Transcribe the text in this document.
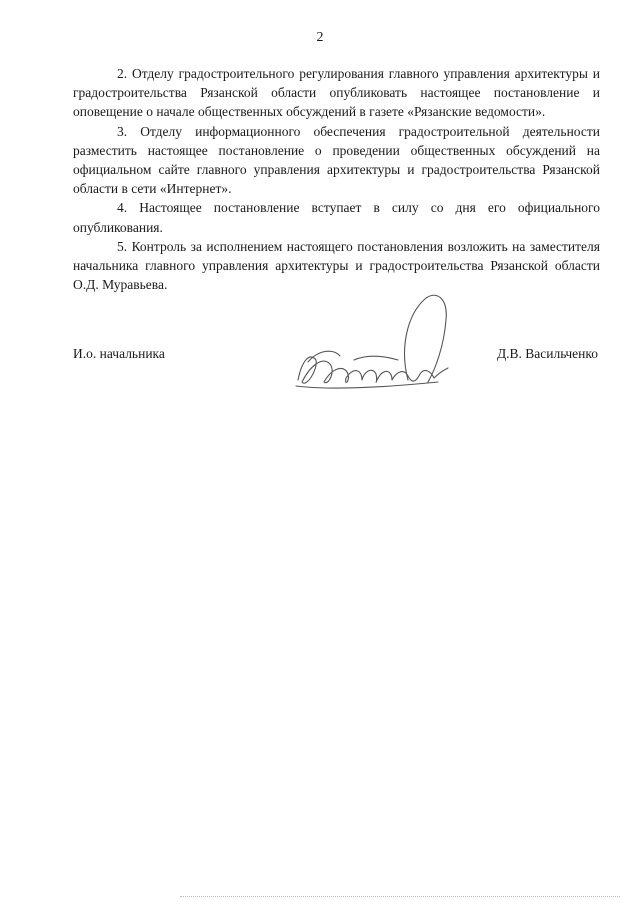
2

2. Отделу градостроительного регулирования главного управления архитектуры и градостроительства Рязанской области опубликовать настоящее постановление и оповещение о начале общественных обсуждений в газете «Рязанские ведомости».

3. Отделу информационного обеспечения градостроительной деятельности разместить настоящее постановление о проведении общественных обсуждений на официальном сайте главного управления архитектуры и градостроительства Рязанской области в сети «Интернет».

4. Настоящее постановление вступает в силу со дня его официального опубликования.

5. Контроль за исполнением настоящего постановления возложить на заместителя начальника главного управления архитектуры и градостроительства Рязанской области О.Д. Муравьева.

И.о. начальника	Д.В. Васильченко
